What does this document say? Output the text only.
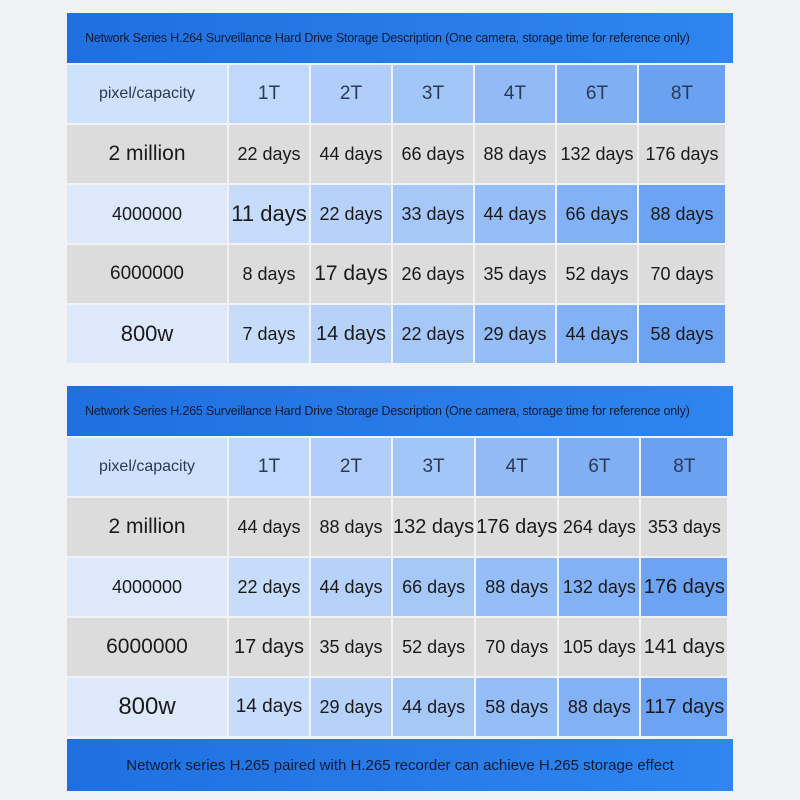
Network Series H.264 Surveillance Hard Drive Storage Description (One camera, storage time for reference only)
pixel/capacity	1T	2T	3T	4T	6T	8T
2 million	22 days	44 days	66 days	88 days	132 days	176 days
4000000	11 days	22 days	33 days	44 days	66 days	88 days
6000000	8 days	17 days	26 days	35 days	52 days	70 days
800w	7 days	14 days	22 days	29 days	44 days	58 days
Network Series H.265 Surveillance Hard Drive Storage Description (One camera, storage time for reference only)
pixel/capacity	1T	2T	3T	4T	6T	8T
2 million	44 days	88 days	132 days	176 days	264 days	353 days
4000000	22 days	44 days	66 days	88 days	132 days	176 days
6000000	17 days	35 days	52 days	70 days	105 days	141 days
800w	14 days	29 days	44 days	58 days	88 days	117 days
Network series H.265 paired with H.265 recorder can achieve H.265 storage effect
